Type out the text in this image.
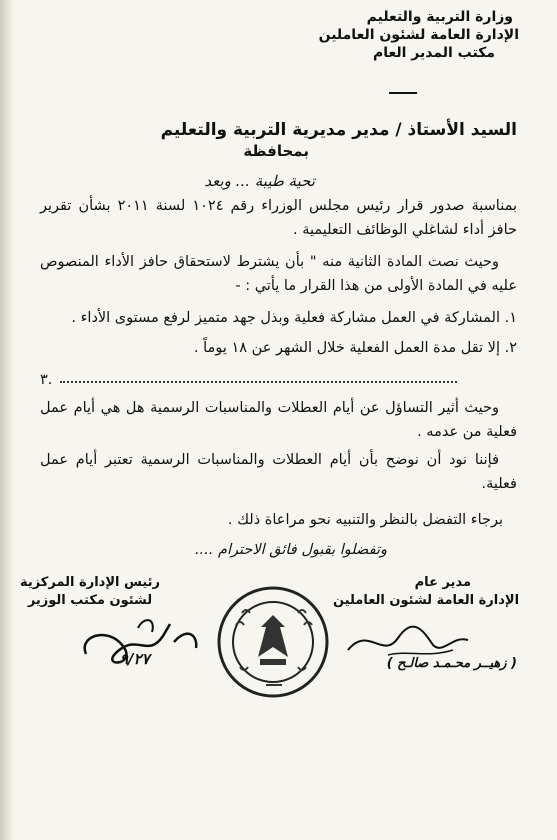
وزارة التربية والتعليم
الإدارة العامة لشئون العاملين
مكتب المدير العام
السيد الأستاذ / مدير مديرية التربية والتعليم
بمحافظة
تحية طيبة ... وبعد
بمناسبة صدور قرار رئيس مجلس الوزراء رقم ١٠٢٤ لسنة ٢٠١١ بشأن تقرير حافز أداء لشاغلي الوظائف التعليمية .
وحيث نصت المادة الثانية منه " بأن يشترط لاستحقاق حافز الأداء المنصوص عليه في المادة الأولى من هذا القرار ما يأتي : -
١. المشاركة في العمل مشاركة فعلية وبذل جهد متميز لرفع مستوى الأداء .
٢. إلا تقل مدة العمل الفعلية خلال الشهر عن ١٨ يوماً .
٣.
وحيث أثير التساؤل عن أيام العطلات والمناسبات الرسمية هل هي أيام عمل فعلية من عدمه .
فإننا نود أن نوضح بأن أيام العطلات والمناسبات الرسمية تعتبر أيام عمل فعلية.
برجاء التفضل بالنظر والتنبيه نحو مراعاة ذلك .
وتفضلوا بقبول فائق الاحترام ....
مدير عام
الإدارة العامة لشئون العاملين
رئيس الإدارة المركزية
لشئون مكتب الوزير
( زهيــر محـمـد صالـح )
٩/٢٧
